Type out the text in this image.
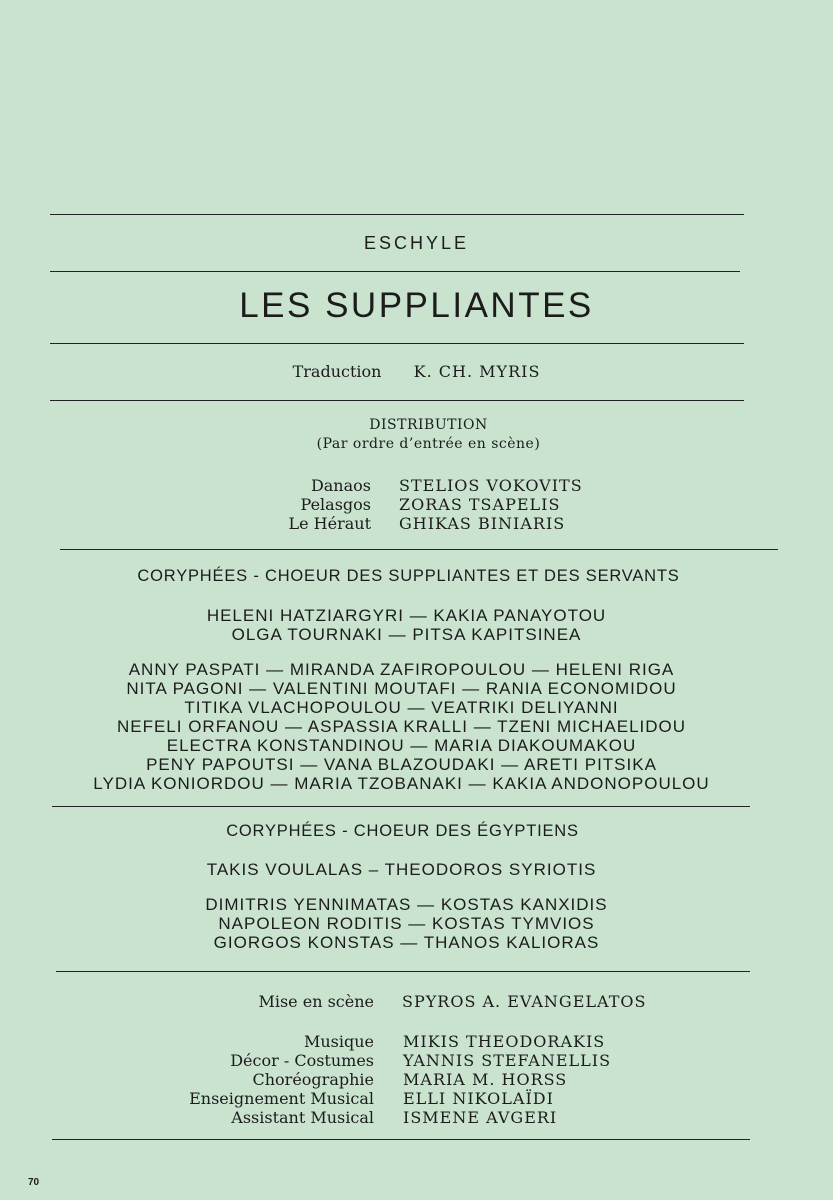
ESCHYLE
LES SUPPLIANTES
Traduction K. CH. MYRIS
DISTRIBUTION
(Par ordre d’entrée en scène)
Danaos STELIOS VOKOVITS
Pelasgos ZORAS TSAPELIS
Le Héraut GHIKAS BINIARIS
CORYPHÉES - CHOEUR DES SUPPLIANTES ET DES SERVANTS
HELENI HATZIARGYRI — KAKIA PANAYOTOU
OLGA TOURNAKI — PITSA KAPITSINEA
ANNY PASPATI — MIRANDA ZAFIROPOULOU — HELENI RIGA
NITA PAGONI — VALENTINI MOUTAFI — RANIA ECONOMIDOU
TITIKA VLACHOPOULOU — VEATRIKI DELIYANNI
NEFELI ORFANOU — ASPASSIA KRALLI — TZENI MICHAELIDOU
ELECTRA KONSTANDINOU — MARIA DIAKOUMAKOU
PENY PAPOUTSI — VANA BLAZOUDAKI — ARETI PITSIKA
LYDIA KONIORDOU — MARIA TZOBANAKI — KAKIA ANDONOPOULOU
CORYPHÉES - CHOEUR DES ÉGYPTIENS
TAKIS VOULALAS – THEODOROS SYRIOTIS
DIMITRIS YENNIMATAS — KOSTAS KANXIDIS
NAPOLEON RODITIS — KOSTAS TYMVIOS
GIORGOS KONSTAS — THANOS KALIORAS
Mise en scène SPYROS A. EVANGELATOS
Musique MIKIS THEODORAKIS
Décor - Costumes YANNIS STEFANELLIS
Choréographie MARIA M. HORSS
Enseignement Musical ELLI NIKOLAÏDI
Assistant Musical ISMENE AVGERI
70
